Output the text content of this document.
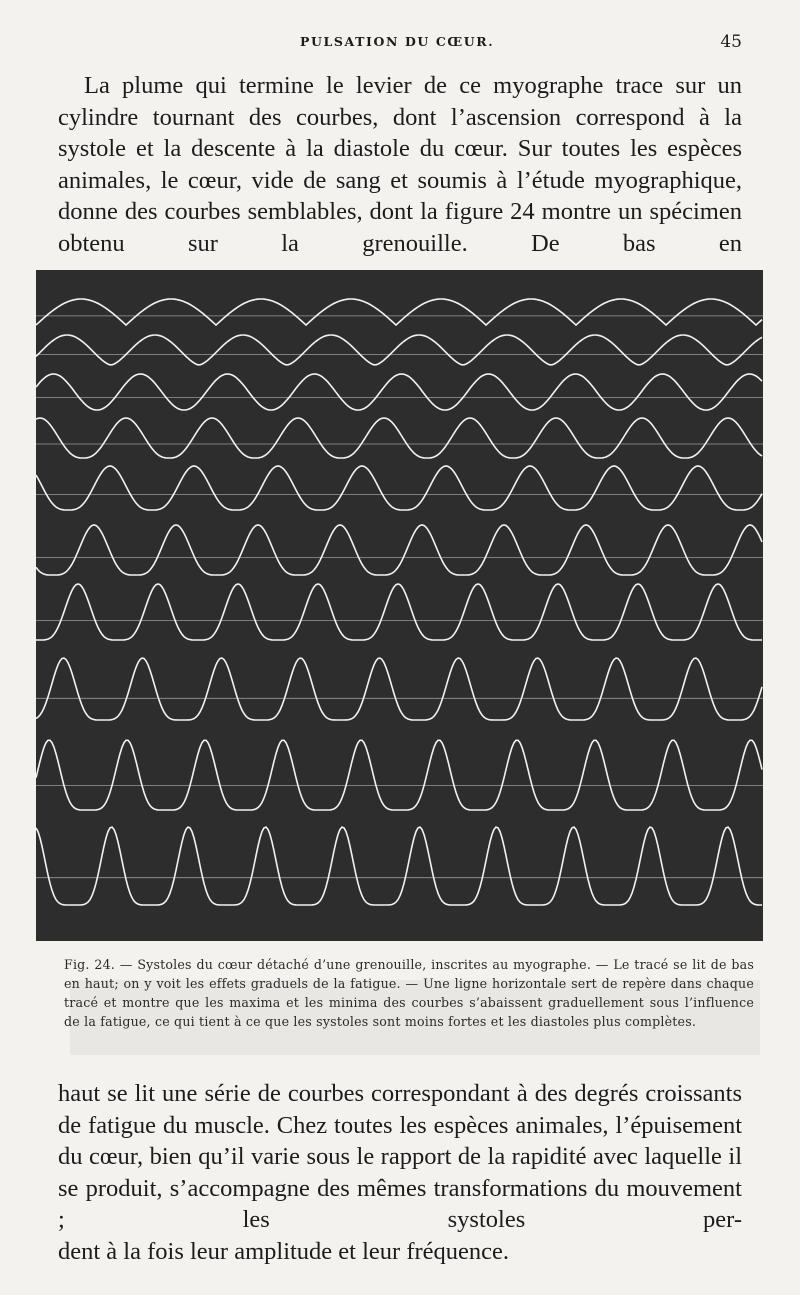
PULSATION DU CŒUR.	45

La plume qui termine le levier de ce myographe trace sur un cylindre tournant des courbes, dont l’ascension correspond à la systole et la descente à la diastole du cœur. Sur toutes les espèces animales, le cœur, vide de sang et soumis à l’étude myographique, donne des courbes semblables, dont la figure 24 montre un spécimen obtenu sur la grenouille. De bas en

Fig. 24. — Systoles du cœur détaché d’une grenouille, inscrites au myographe. — Le tracé se lit de bas en haut; on y voit les effets graduels de la fatigue. — Une ligne horizontale sert de repère dans chaque tracé et montre que les maxima et les minima des courbes s’abaissent graduellement sous l’influence de la fatigue, ce qui tient à ce que les systoles sont moins fortes et les diastoles plus complètes.

haut se lit une série de courbes correspondant à des degrés croissants de fatigue du muscle. Chez toutes les espèces animales, l’épuisement du cœur, bien qu’il varie sous le rapport de la rapidité avec laquelle il se produit, s’accompagne des mêmes transformations du mouvement ; les systoles per-
dent à la fois leur amplitude et leur fréquence.
